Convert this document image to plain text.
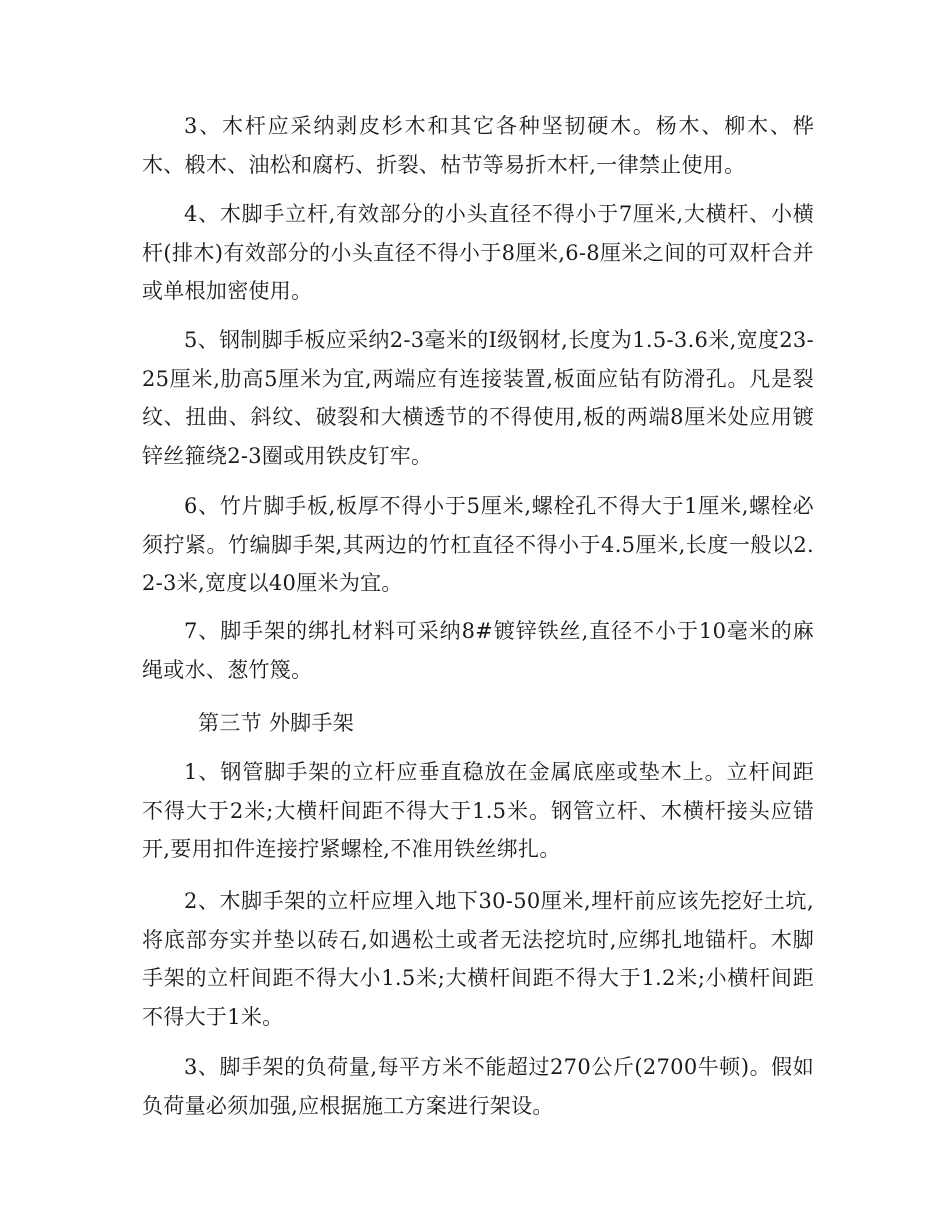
3、木杆应采纳剥皮杉木和其它各种坚韧硬木。杨木、柳木、桦木、椴木、油松和腐朽、折裂、枯节等易折木杆,一律禁止使用。

4、木脚手立杆,有效部分的小头直径不得小于7厘米,大横杆、小横杆(排木)有效部分的小头直径不得小于8厘米,6-8厘米之间的可双杆合并或单根加密使用。

5、钢制脚手板应采纳2-3毫米的Ⅰ级钢材,长度为1.5-3.6米,宽度23-25厘米,肋高5厘米为宜,两端应有连接装置,板面应钻有防滑孔。凡是裂纹、扭曲、斜纹、破裂和大横透节的不得使用,板的两端8厘米处应用镀锌丝箍绕2-3圈或用铁皮钉牢。

6、竹片脚手板,板厚不得小于5厘米,螺栓孔不得大于1厘米,螺栓必须拧紧。竹编脚手架,其两边的竹杠直径不得小于4.5厘米,长度一般以2.2-3米,宽度以40厘米为宜。

7、脚手架的绑扎材料可采纳8#镀锌铁丝,直径不小于10毫米的麻绳或水、葱竹篾。

第三节 外脚手架

1、钢管脚手架的立杆应垂直稳放在金属底座或垫木上。立杆间距不得大于2米;大横杆间距不得大于1.5米。钢管立杆、木横杆接头应错开,要用扣件连接拧紧螺栓,不准用铁丝绑扎。

2、木脚手架的立杆应埋入地下30-50厘米,埋杆前应该先挖好土坑,将底部夯实并垫以砖石,如遇松土或者无法挖坑时,应绑扎地锚杆。木脚手架的立杆间距不得大小1.5米;大横杆间距不得大于1.2米;小横杆间距不得大于1米。

3、脚手架的负荷量,每平方米不能超过270公斤(2700牛顿)。假如负荷量必须加强,应根据施工方案进行架设。
